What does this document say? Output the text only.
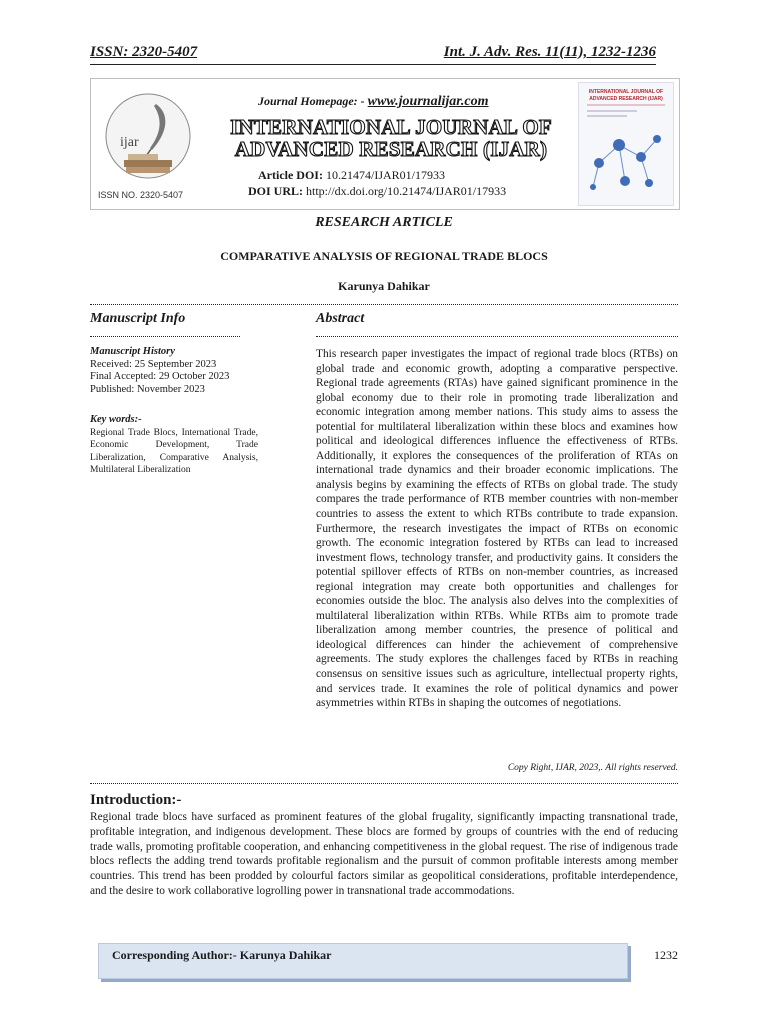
ISSN: 2320-5407	Int. J. Adv. Res. 11(11), 1232-1236
ijar
ISSN NO. 2320-5407
Journal Homepage: - www.journalijar.com
INTERNATIONAL JOURNAL OF ADVANCED RESEARCH (IJAR)
Article DOI: 10.21474/IJAR01/17933
DOI URL: http://dx.doi.org/10.21474/IJAR01/17933
INTERNATIONAL JOURNAL OF
ADVANCED RESEARCH (IJAR)
RESEARCH ARTICLE
COMPARATIVE ANALYSIS OF REGIONAL TRADE BLOCS
Karunya Dahikar
Manuscript Info	Abstract
Manuscript History
Received: 25 September 2023
Final Accepted: 29 October 2023
Published: November 2023
Key words:-
Regional Trade Blocs, International Trade, Economic Development, Trade Liberalization, Comparative Analysis, Multilateral Liberalization
This research paper investigates the impact of regional trade blocs (RTBs) on global trade and economic growth, adopting a comparative perspective. Regional trade agreements (RTAs) have gained significant prominence in the global economy due to their role in promoting trade liberalization and economic integration among member nations. This study aims to assess the potential for multilateral liberalization within these blocs and examines how political and ideological differences influence the effectiveness of RTBs. Additionally, it explores the consequences of the proliferation of RTAs on international trade dynamics and their broader economic implications. The analysis begins by examining the effects of RTBs on global trade. The study compares the trade performance of RTB member countries with non-member countries to assess the extent to which RTBs contribute to trade expansion. Furthermore, the research investigates the impact of RTBs on economic growth. The economic integration fostered by RTBs can lead to increased investment flows, technology transfer, and productivity gains. It considers the potential spillover effects of RTBs on non-member countries, as increased regional integration may create both opportunities and challenges for economies outside the bloc. The analysis also delves into the complexities of multilateral liberalization within RTBs. While RTBs aim to promote trade liberalization among member countries, the presence of political and ideological differences can hinder the achievement of comprehensive agreements. The study explores the challenges faced by RTBs in reaching consensus on sensitive issues such as agriculture, intellectual property rights, and services trade. It examines the role of political dynamics and power asymmetries within RTBs in shaping the outcomes of negotiations.
Copy Right, IJAR, 2023,. All rights reserved.
Introduction:-
Regional trade blocs have surfaced as prominent features of the global frugality, significantly impacting transnational trade, profitable integration, and indigenous development. These blocs are formed by groups of countries with the end of reducing trade walls, promoting profitable cooperation, and enhancing competitiveness in the global request. The rise of indigenous trade blocs reflects the adding trend towards profitable regionalism and the pursuit of common profitable interests among member countries. This trend has been prodded by colourful factors similar as geopolitical considerations, profitable interdependence, and the desire to work collaborative logrolling power in transnational trade accommodations.
Corresponding Author:- Karunya Dahikar	1232
